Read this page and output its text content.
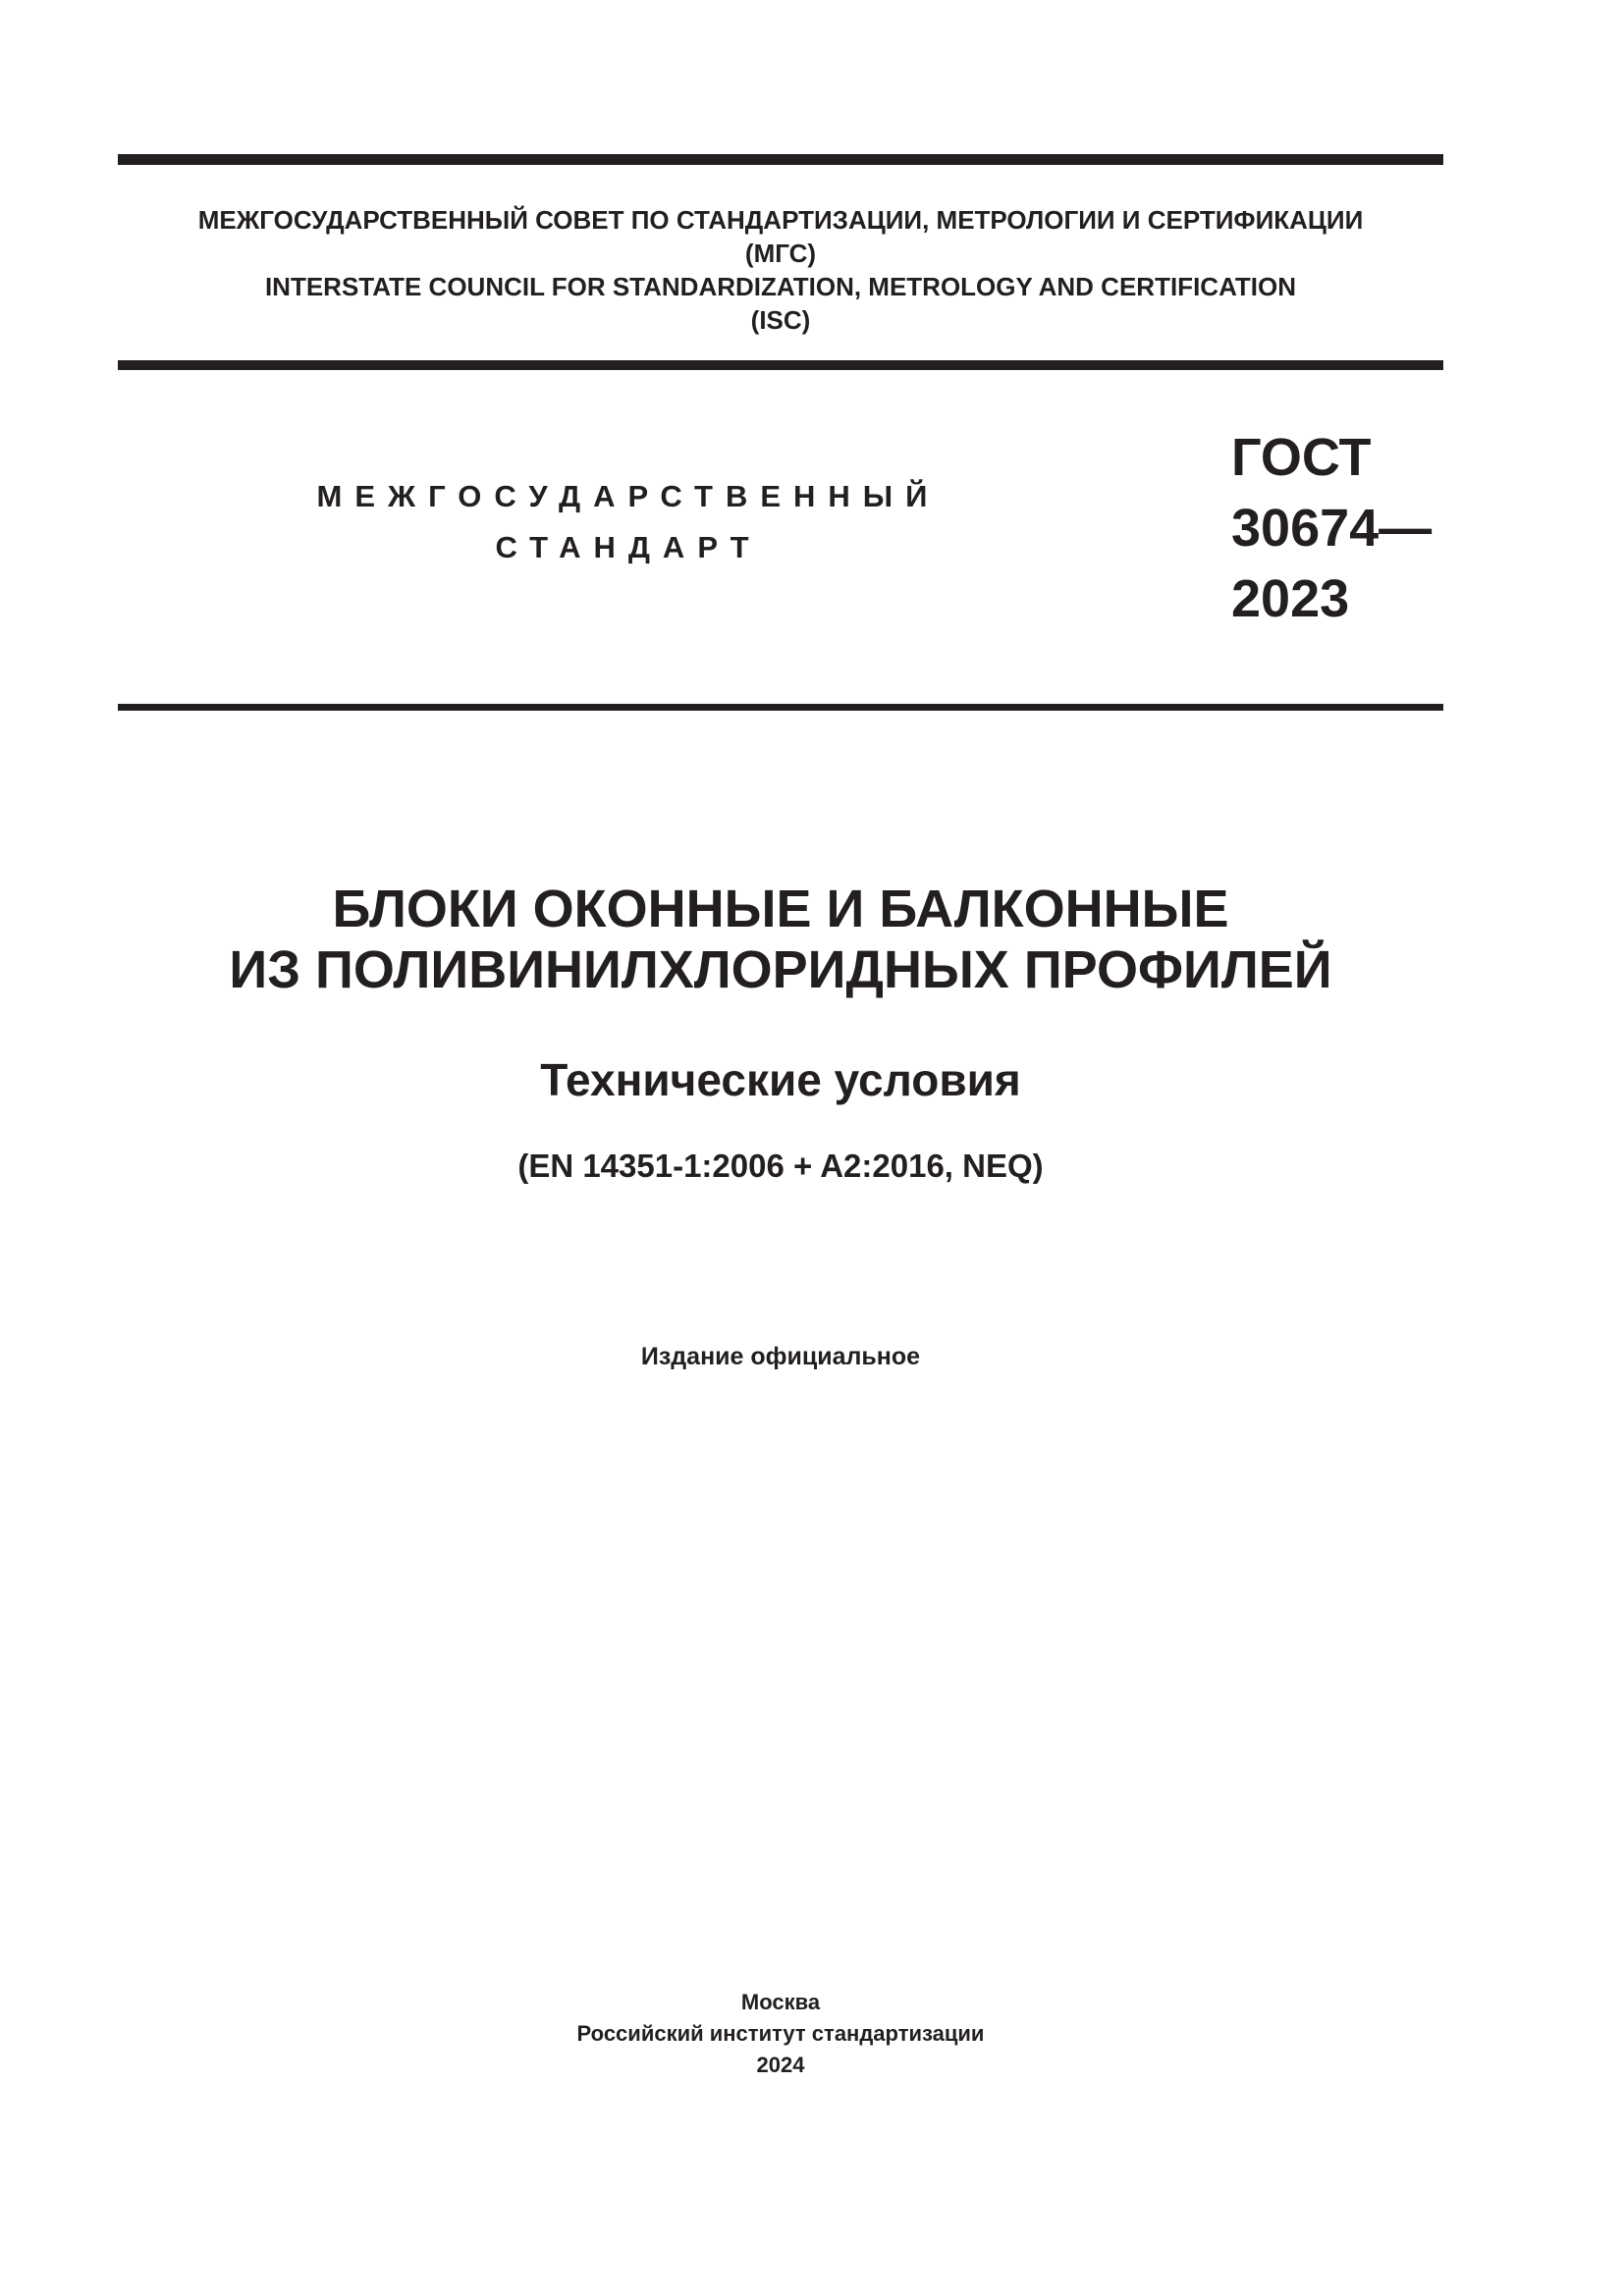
МЕЖГОСУДАРСТВЕННЫЙ СОВЕТ ПО СТАНДАРТИЗАЦИИ, МЕТРОЛОГИИ И СЕРТИФИКАЦИИ
(МГС)
INTERSTATE COUNCIL FOR STANDARDIZATION, METROLOGY AND CERTIFICATION
(ISC)
МЕЖГОСУДАРСТВЕННЫЙ
СТАНДАРТ
ГОСТ
30674—
2023
БЛОКИ ОКОННЫЕ И БАЛКОННЫЕ
ИЗ ПОЛИВИНИЛХЛОРИДНЫХ ПРОФИЛЕЙ
Технические условия
(EN 14351-1:2006 + A2:2016, NEQ)
Издание официальное
Москва
Российский институт стандартизации
2024
